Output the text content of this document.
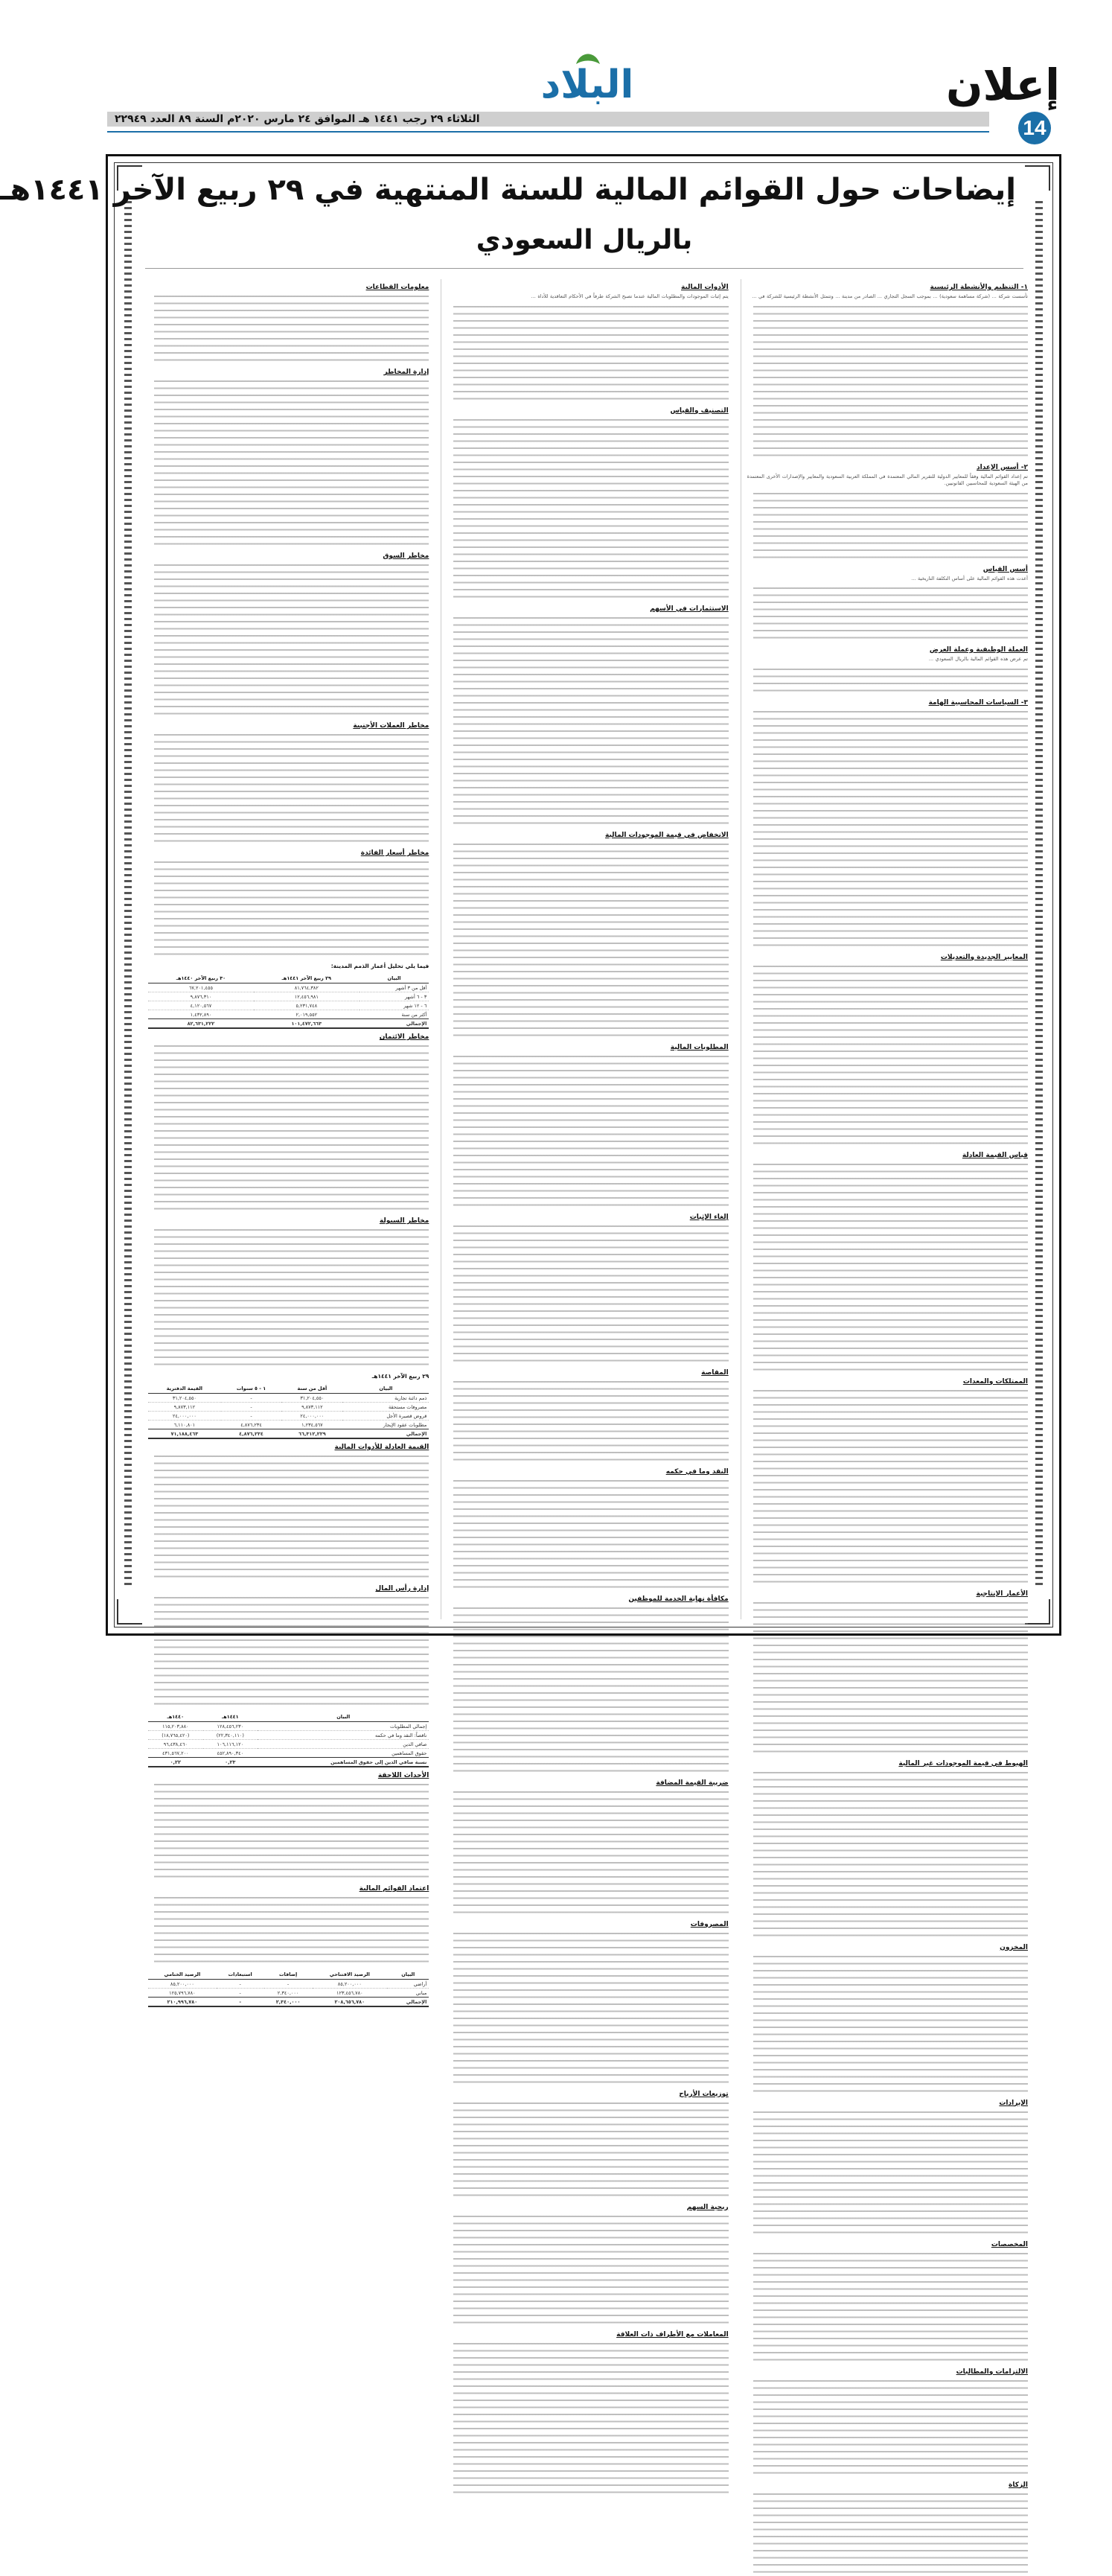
إعلان
14
البلاد
الثلاثاء ٢٩ رجب ١٤٤١ هـ الموافق ٢٤ مارس ٢٠٢٠م السنة ٨٩ العدد ٢٢٩٤٩
إيضاحات حول القوائم المالية للسنة المنتهية في ٢٩ ربيع الآخر ١٤٤١هـ
بالريال السعودي
١- التنظيم والأنشطة الرئيسية
تأسست شركة ... (شركة مساهمة سعودية) ... بموجب السجل التجاري ... الصادر من مدينة ... وتتمثل الأنشطة الرئيسية للشركة في ...
٢- أسس الإعداد
تم إعداد القوائم المالية وفقاً للمعايير الدولية للتقرير المالي المعتمدة في المملكة العربية السعودية والمعايير والإصدارات الأخرى المعتمدة من الهيئة السعودية للمحاسبين القانونيين.
أسس القياس
أعدت هذه القوائم المالية على أساس التكلفة التاريخية ...
العملة الوظيفية وعملة العرض
تم عرض هذه القوائم المالية بالريال السعودي ...
٣- السياسات المحاسبية الهامة
المعايير الجديدة والتعديلات
قياس القيمة العادلة
الممتلكات والمعدات
الأعمار الإنتاجية
الهبوط في قيمة الموجودات غير المالية
المخزون
الإيرادات
المخصصات
الالتزامات والمطالبات
الزكاة
الأدوات المالية
يتم إثبات الموجودات والمطلوبات المالية عندما تصبح الشركة طرفاً في الأحكام التعاقدية للأداة ...
التصنيف والقياس
الاستثمارات في الأسهم
الانخفاض في قيمة الموجودات المالية
المطلوبات المالية
إلغاء الإثبات
المقاصة
النقد وما في حكمه
مكافأة نهاية الخدمة للموظفين
ضريبة القيمة المضافة
المصروفات
توزيعات الأرباح
ربحية السهم
المعاملات مع الأطراف ذات العلاقة
معلومات القطاعات
إدارة المخاطر
مخاطر السوق
مخاطر العملات الأجنبية
مخاطر أسعار الفائدة
فيما يلي تحليل أعمار الذمم المدينة:
البيان	٢٩ ربيع الآخر ١٤٤١هـ	٣٠ ربيع الآخر ١٤٤٠هـ
أقل من ٣ أشهر	٨١,٧٦٤,٣٨٢	٦٧,٢٠١,٤٥٥
٣ - ٦ أشهر	١٢,٤٥٦,٩٨١	٩,٨٧٦,٣١٠
٦ - ١٢ شهر	٥,٢٣١,٧٤٨	٤,١٢٠,٥٦٧
أكثر من سنة	٢,٠١٩,٥٥٢	١,٤٣٢,٨٩٠
الإجمالي	١٠١,٤٧٢,٦٦٣	٨٢,٦٣١,٢٢٢
مخاطر الائتمان
مخاطر السيولة
٢٩ ربيع الآخر ١٤٤١هـ
البيان	أقل من سنة	١ - ٥ سنوات	القيمة الدفترية
ذمم دائنة تجارية	٣١,٢٠٤,٥٥٠	-	٣١,٢٠٤,٥٥٠
مصروفات مستحقة	٩,٨٧٣,١١٢	-	٩,٨٧٣,١١٢
قروض قصيرة الأجل	٢٤,٠٠٠,٠٠٠	-	٢٤,٠٠٠,٠٠٠
مطلوبات عقود الإيجار	١,٢٣٤,٥٦٧	٤,٨٧٦,٢٣٤	٦,١١٠,٨٠١
الإجمالي	٦٦,٣١٢,٢٢٩	٤,٨٧٦,٢٣٤	٧١,١٨٨,٤٦٣
القيمة العادلة للأدوات المالية
إدارة رأس المال
البيان	١٤٤١هـ	١٤٤٠هـ
إجمالي المطلوبات	١٢٨,٤٥٦,٢٣٠	١١٥,٢٠٣,٨٨٠
ناقصاً: النقد وما في حكمه	(٢٢,٣٤٠,١١٠)	(١٨,٧٦٥,٤٢٠)
صافي الدين	١٠٦,١١٦,١٢٠	٩٦,٤٣٨,٤٦٠
حقوق المساهمين	٤٥٢,٨٩٠,٣٤٠	٤٣١,٥٦٧,٢٠٠
نسبة صافي الدين إلى حقوق المساهمين	٠,٢٣	٠,٢٢
الأحداث اللاحقة
اعتماد القوائم المالية
البيان	الرصيد الافتتاحي	إضافات	استبعادات	الرصيد الختامي
أراضي	٨٥,٢٠٠,٠٠٠	-	-	٨٥,٢٠٠,٠٠٠
مباني	١٢٣,٤٥٦,٧٨٠	٢,٣٤٠,٠٠٠	-	١٢٥,٧٩٦,٧٨٠
الإجمالي	٢٠٨,٦٥٦,٧٨٠	٢,٣٤٠,٠٠٠	-	٢١٠,٩٩٦,٧٨٠
